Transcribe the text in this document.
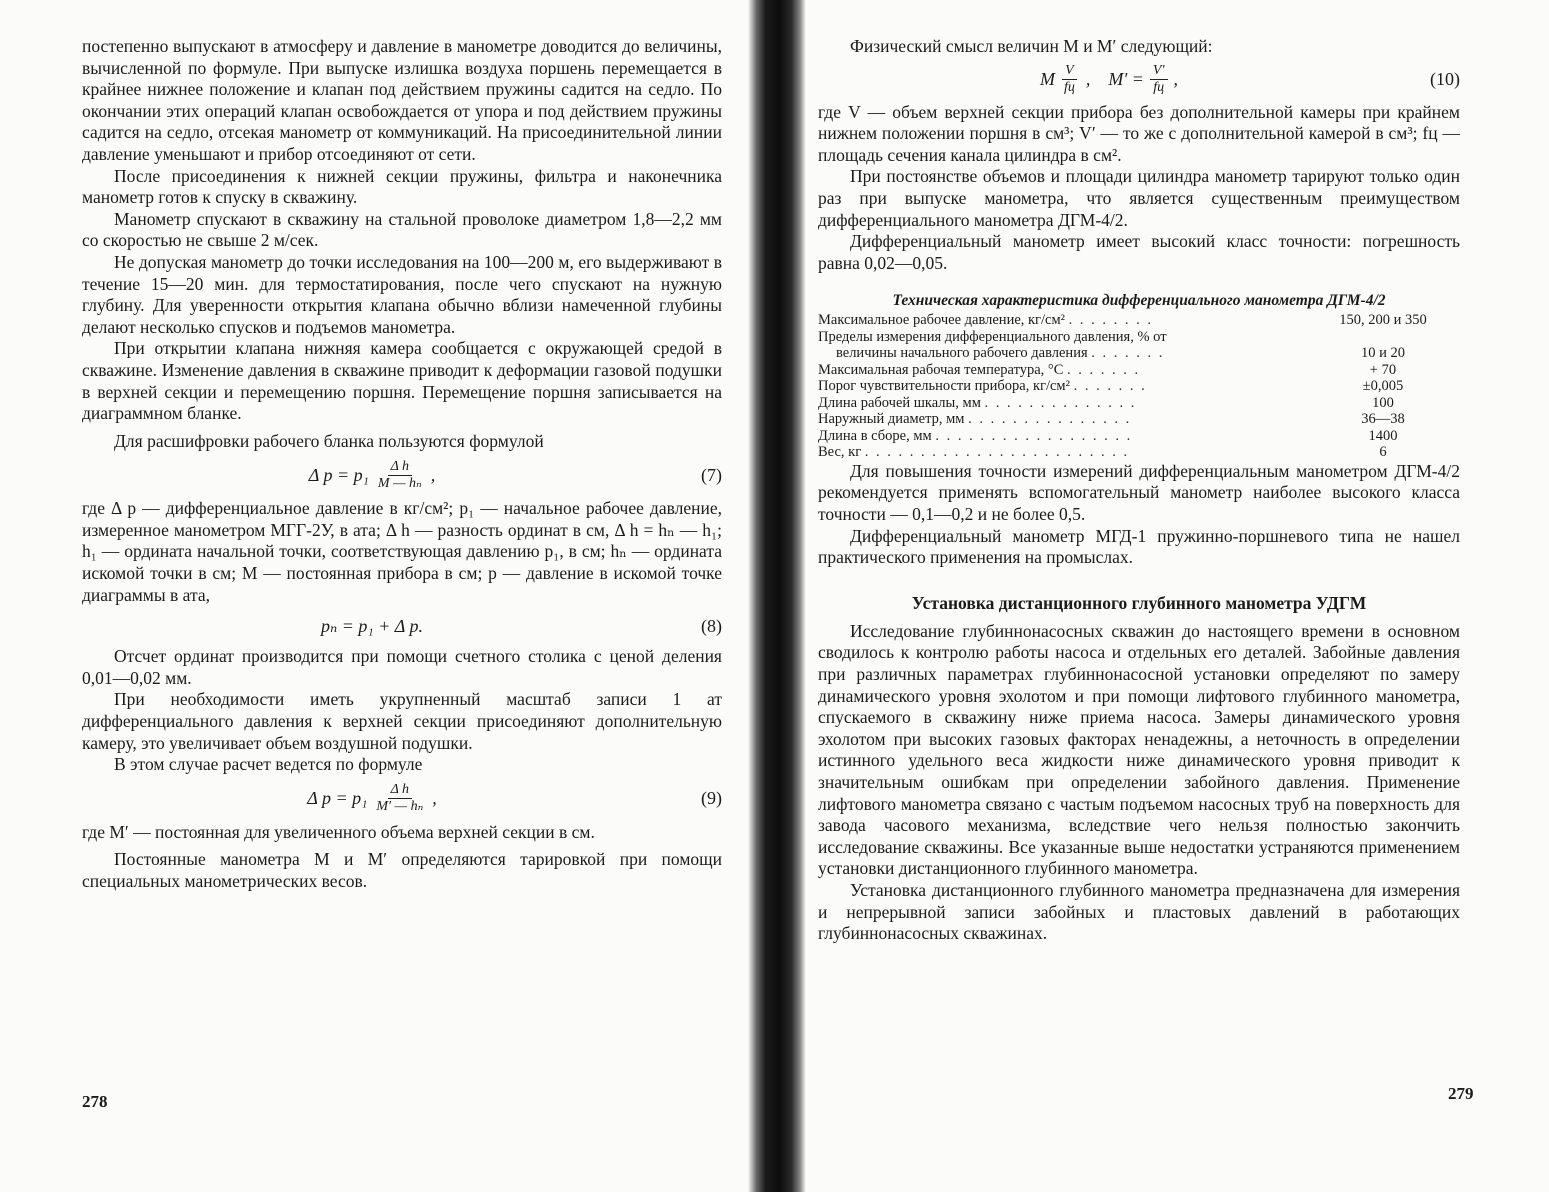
постепенно выпускают в атмосферу и давление в манометре доводится до величины, вычисленной по формуле. При выпуске излишка воздуха поршень перемещается в крайнее нижнее положение и клапан под действием пружины садится на седло. По окончании этих операций клапан освобождается от упора и под действием пружины садится на седло, отсекая манометр от коммуникаций. На присоединительной линии давление уменьшают и прибор отсоединяют от сети.

После присоединения к нижней секции пружины, фильтра и наконечника манометр готов к спуску в скважину.

Манометр спускают в скважину на стальной проволоке диаметром 1,8—2,2 мм со скоростью не свыше 2 м/сек.

Не допуская манометр до точки исследования на 100—200 м, его выдерживают в течение 15—20 мин. для термостатирования, после чего спускают на нужную глубину. Для уверенности открытия клапана обычно вблизи намеченной глубины делают несколько спусков и подъемов манометра.

При открытии клапана нижняя камера сообщается с окружающей средой в скважине. Изменение давления в скважине приводит к деформации газовой подушки в верхней секции и перемещению поршня. Перемещение поршня записывается на диаграммном бланке.

Для расшифровки рабочего бланка пользуются формулой

Δ $p = p_1 \frac{\text{Δ h}}{\text{M — hₙ}}$ ,	(7)

где Δ p — дифференциальное давление в кг/см²; p₁ — начальное рабочее давление, измеренное манометром МГГ-2У, в ата; Δ h — разность ординат в см, Δ h = hₙ — h₁; h₁ — ордината начальной точки, соответствующая давлению p₁, в см; hₙ — ордината искомой точки в см; M — постоянная прибора в см; p — давление в искомой точке диаграммы в ата,

pₙ = p₁ + Δ p.	(8)

Отсчет ординат производится при помощи счетного столика с ценой деления 0,01—0,02 мм.

При необходимости иметь укрупненный масштаб записи 1 ат дифференциального давления к верхней секции присоединяют дополнительную камеру, это увеличивает объем воздушной подушки.

В этом случае расчет ведется по формуле

Δ $p = p_1 \frac{\text{Δ h}}{\text{M′ — hₙ}}$ ,	(9)

где M′ — постоянная для увеличенного объема верхней секции в см.

Постоянные манометра M и M′ определяются тарировкой при помощи специальных манометрических весов.

278

Физический смысл величин M и M′ следующий:

M $\frac{V}{fц}$ , $M' = \frac{V'}{fц}$ ,	(10)

где V — объем верхней секции прибора без дополнительной камеры при крайнем нижнем положении поршня в см³; V′ — то же с дополнительной камерой в см³; fц — площадь сечения канала цилиндра в см².

При постоянстве объемов и площади цилиндра манометр тарируют только один раз при выпуске манометра, что является существенным преимуществом дифференциального манометра ДГМ-4/2.

Дифференциальный манометр имеет высокий класс точности: погрешность равна 0,02—0,05.

Техническая характеристика дифференциального манометра ДГМ-4/2
Максимальное рабочее давление, кг/см² . . . . . . . .	150, 200 и 350
Пределы измерения дифференциального давления, % от	
величины начального рабочего давления . . . . . . .	10 и 20
Максимальная рабочая температура, °С . . . . . . .	+ 70
Порог чувствительности прибора, кг/см² . . . . . . .	±0,005
Длина рабочей шкалы, мм . . . . . . . . . . . . . .	100
Наружный диаметр, мм . . . . . . . . . . . . . . .	36—38
Длина в сборе, мм . . . . . . . . . . . . . . . . . .	1400
Вес, кг . . . . . . . . . . . . . . . . . . . . . . . .	6

Для повышения точности измерений дифференциальным манометром ДГМ-4/2 рекомендуется применять вспомогательный манометр наиболее высокого класса точности — 0,1—0,2 и не более 0,5.

Дифференциальный манометр МГД-1 пружинно-поршневого типа не нашел практического применения на промыслах.

Установка дистанционного глубинного манометра УДГМ

Исследование глубиннонасосных скважин до настоящего времени в основном сводилось к контролю работы насоса и отдельных его деталей. Забойные давления при различных параметрах глубиннонасосной установки определяют по замеру динамического уровня эхолотом и при помощи лифтового глубинного манометра, спускаемого в скважину ниже приема насоса. Замеры динамического уровня эхолотом при высоких газовых факторах ненадежны, а неточность в определении истинного удельного веса жидкости ниже динамического уровня приводит к значительным ошибкам при определении забойного давления. Применение лифтового манометра связано с частым подъемом насосных труб на поверхность для завода часового механизма, вследствие чего нельзя полностью закончить исследование скважины. Все указанные выше недостатки устраняются применением установки дистанционного глубинного манометра.

Установка дистанционного глубинного манометра предназначена для измерения и непрерывной записи забойных и пластовых давлений в работающих глубиннонасосных скважинах.

279
